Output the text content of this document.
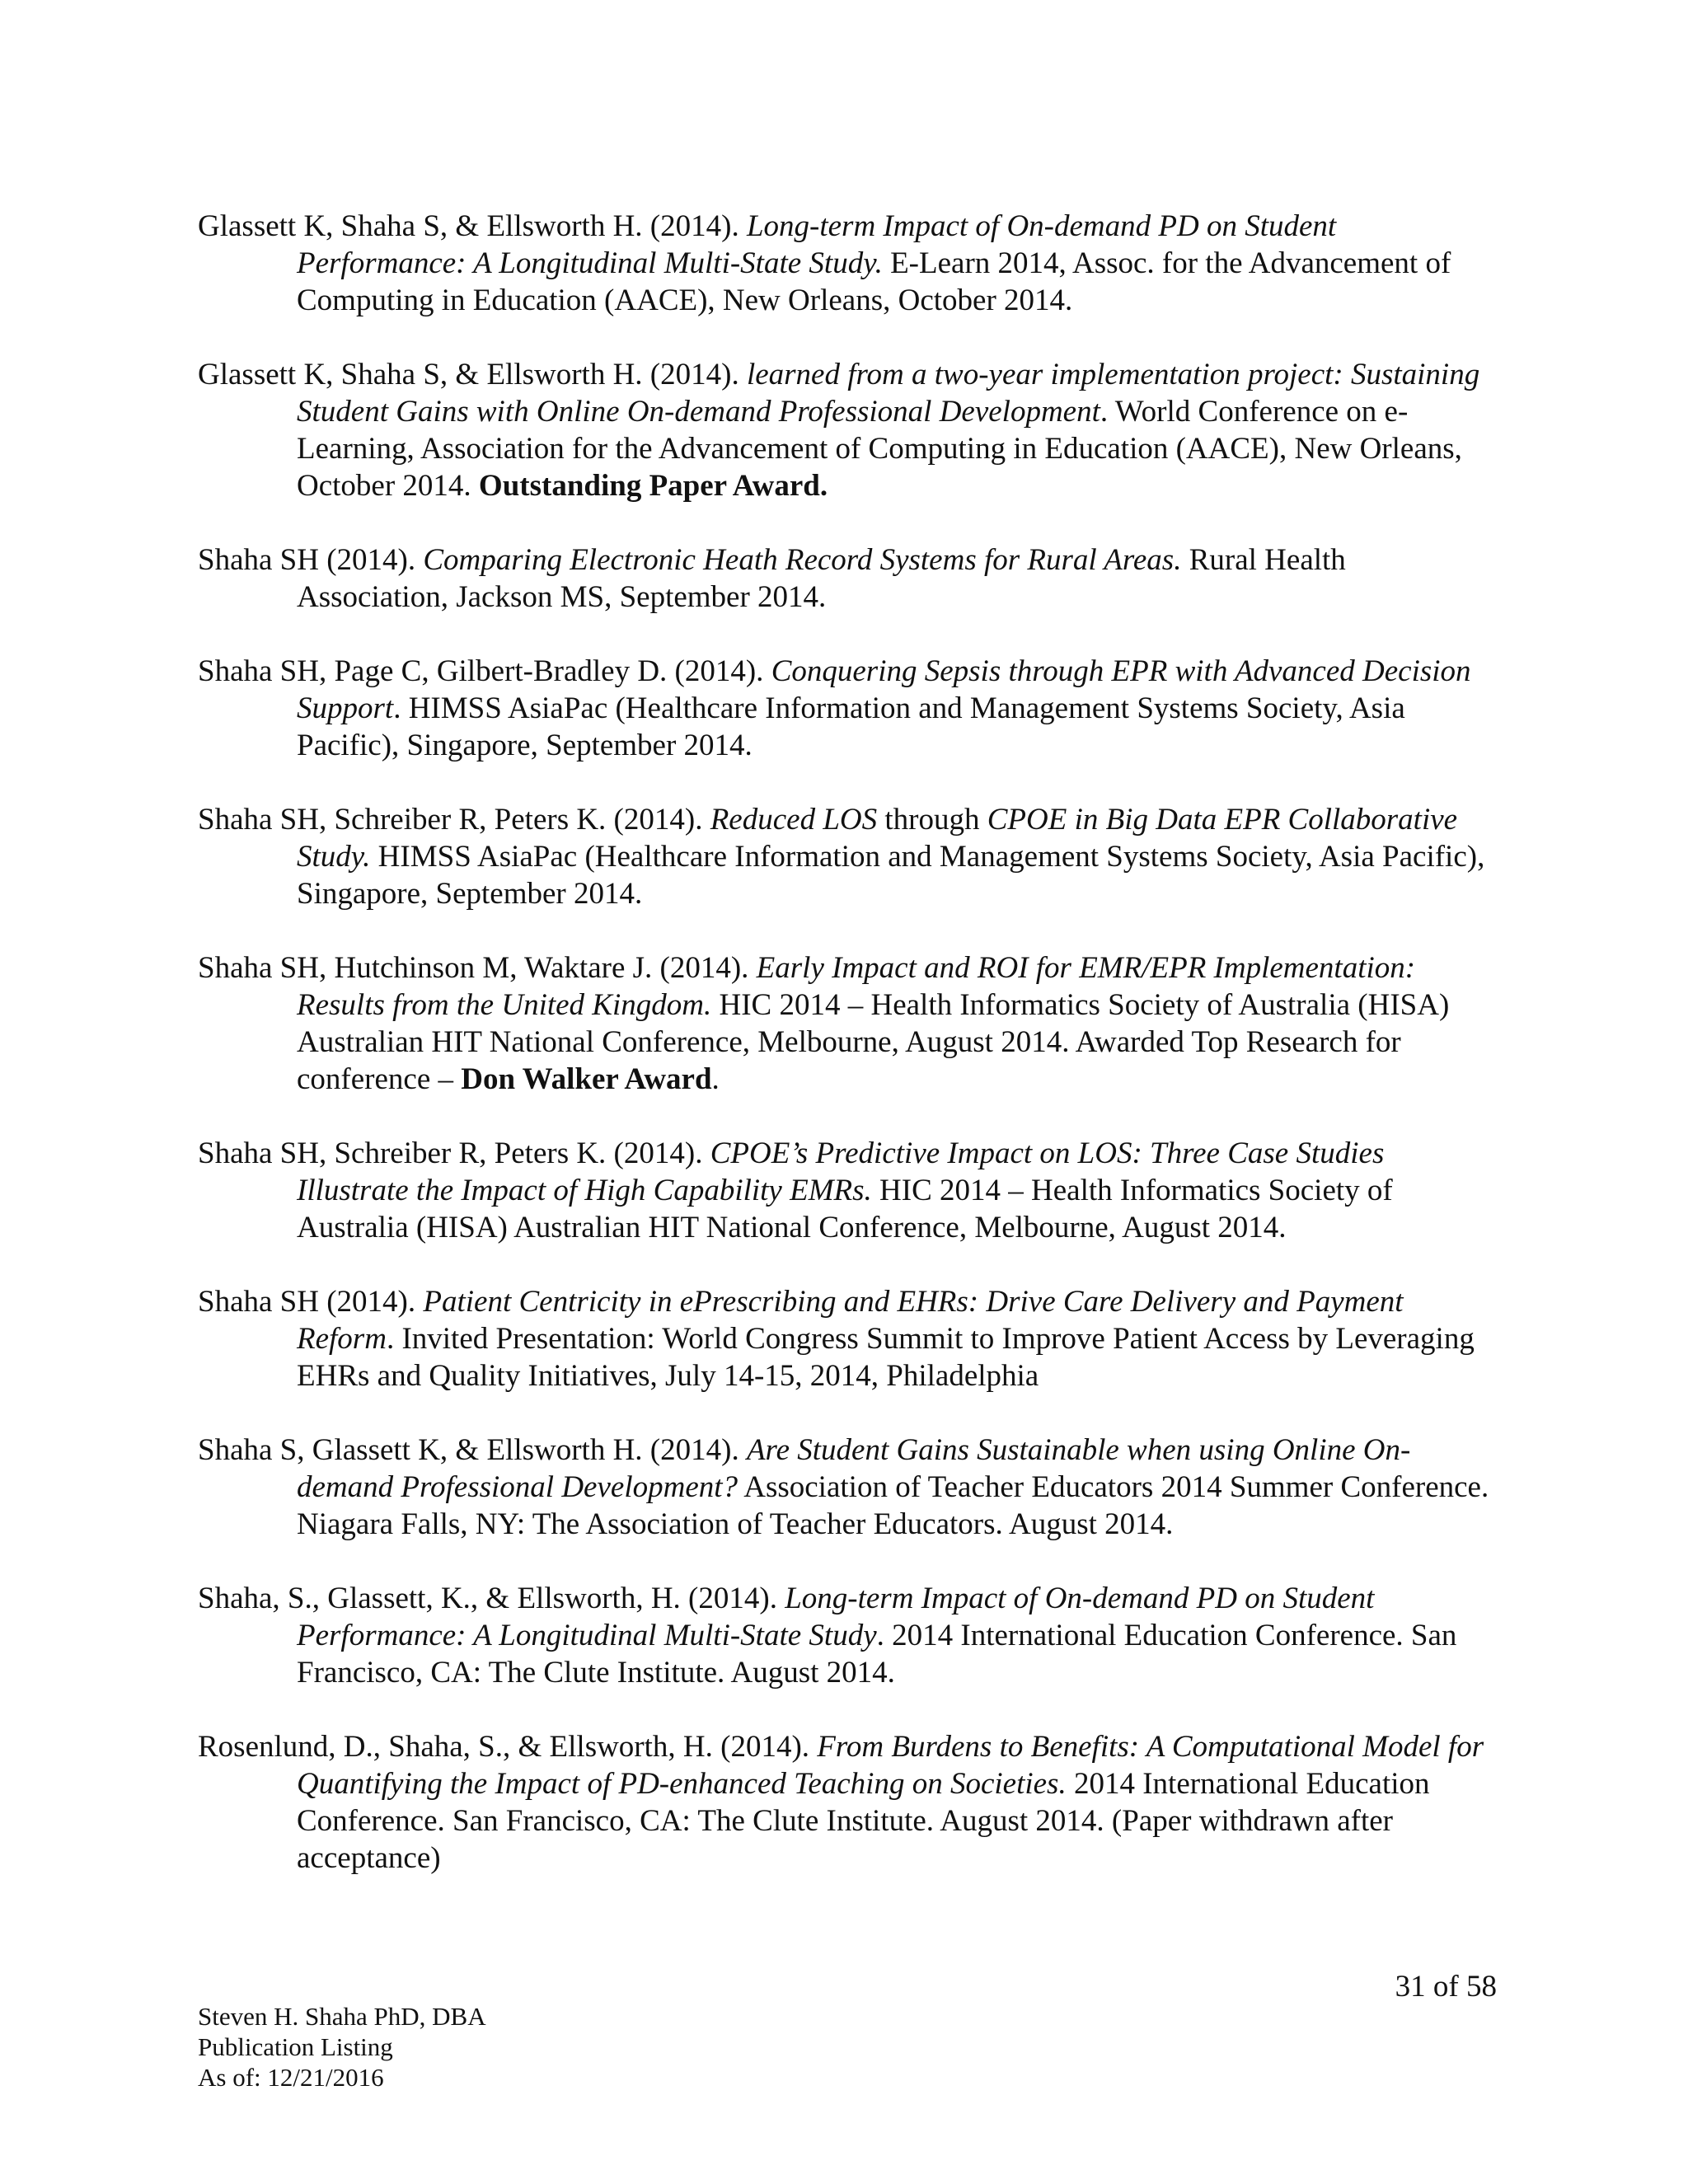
Glassett K, Shaha S, & Ellsworth H. (2014). Long-term Impact of On-demand PD on Student Performance: A Longitudinal Multi-State Study. E-Learn 2014, Assoc. for the Advancement of Computing in Education (AACE), New Orleans, October 2014.

Glassett K, Shaha S, & Ellsworth H. (2014). learned from a two-year implementation project: Sustaining Student Gains with Online On-demand Professional Development. World Conference on e-Learning, Association for the Advancement of Computing in Education (AACE), New Orleans, October 2014. Outstanding Paper Award.

Shaha SH (2014). Comparing Electronic Heath Record Systems for Rural Areas. Rural Health Association, Jackson MS, September 2014.

Shaha SH, Page C, Gilbert-Bradley D. (2014). Conquering Sepsis through EPR with Advanced Decision Support. HIMSS AsiaPac (Healthcare Information and Management Systems Society, Asia Pacific), Singapore, September 2014.

Shaha SH, Schreiber R, Peters K. (2014). Reduced LOS through CPOE in Big Data EPR Collaborative Study. HIMSS AsiaPac (Healthcare Information and Management Systems Society, Asia Pacific), Singapore, September 2014.

Shaha SH, Hutchinson M, Waktare J. (2014). Early Impact and ROI for EMR/EPR Implementation: Results from the United Kingdom. HIC 2014 – Health Informatics Society of Australia (HISA) Australian HIT National Conference, Melbourne, August 2014. Awarded Top Research for conference – Don Walker Award.

Shaha SH, Schreiber R, Peters K. (2014). CPOE’s Predictive Impact on LOS: Three Case Studies Illustrate the Impact of High Capability EMRs. HIC 2014 – Health Informatics Society of Australia (HISA) Australian HIT National Conference, Melbourne, August 2014.

Shaha SH (2014). Patient Centricity in ePrescribing and EHRs: Drive Care Delivery and Payment Reform. Invited Presentation: World Congress Summit to Improve Patient Access by Leveraging EHRs and Quality Initiatives, July 14-15, 2014, Philadelphia

Shaha S, Glassett K, & Ellsworth H. (2014). Are Student Gains Sustainable when using Online On-demand Professional Development? Association of Teacher Educators 2014 Summer Conference. Niagara Falls, NY: The Association of Teacher Educators. August 2014.

Shaha, S., Glassett, K., & Ellsworth, H. (2014). Long-term Impact of On-demand PD on Student Performance: A Longitudinal Multi-State Study. 2014 International Education Conference. San Francisco, CA: The Clute Institute. August 2014.

Rosenlund, D., Shaha, S., & Ellsworth, H. (2014). From Burdens to Benefits: A Computational Model for Quantifying the Impact of PD-enhanced Teaching on Societies. 2014 International Education Conference. San Francisco, CA: The Clute Institute. August 2014. (Paper withdrawn after acceptance)

31 of 58
Steven H. Shaha PhD, DBA
Publication Listing
As of: 12/21/2016
